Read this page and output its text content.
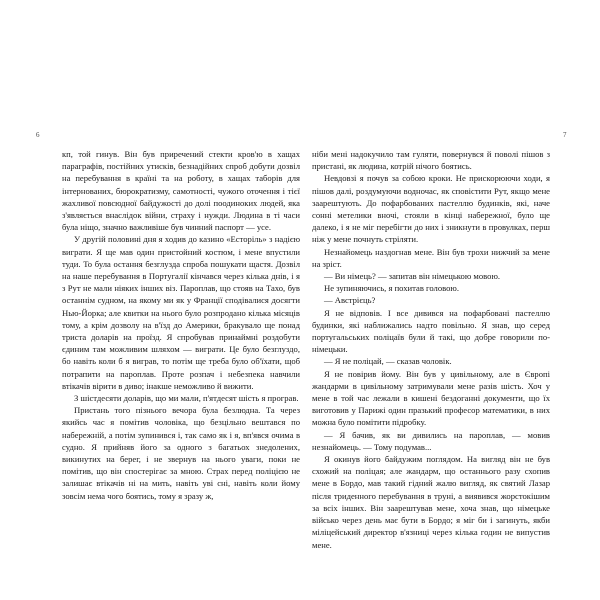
6	7

кп, той гинув. Він був приречений стекти кров'ю в хащах параграфів, постійних утисків, безнадійних спроб добути дозвіл на перебування в країні та на роботу, в хащах таборів для інтернованих, бюрократизму, самотності, чужого оточення і тієї жахливої повсюдної байдужості до долі поодиноких людей, яка з'являється внаслідок війни, страху і нужди. Людина в ті часи була ніщо, значно важливіше був чинний паспорт — усе.

У другій половині дня я ходив до казино «Есторіль» з надією виграти. Я ще мав один пристойний костюм, і мене впустили туди. То була остання безглузда спроба пошукати щастя. Дозвіл на наше перебування в Португалії кінчався через кілька днів, і я з Рут не мали ніяких інших віз. Пароплав, що стояв на Тахо, був останнім судном, на якому ми як у Франції сподівалися досягти Нью-Йорка; але квитки на нього було розпродано кілька місяців тому, а крім дозволу на в'їзд до Америки, бракувало ще понад триста доларів на проїзд. Я спробував принаймні роздобути єдиним там можливим шляхом — виграти. Це було безглуздо, бо навіть коли б я виграв, то потім ще треба було об'їхати, щоб потрапити на пароплав. Проте розпач і небезпека навчили втікачів вірити в диво; інакше неможливо й вижити.

З шістдесяти доларів, що ми мали, п'ятдесят шість я програв.

Пристань того пізнього вечора була безлюдна. Та через якийсь час я помітив чоловіка, що безцільно вештався по набережній, а потім зупинився і, так само як і я, вп'явся очима в судно. Я прийняв його за одного з багатьох знедолених, викинутих на берег, і не звернув на нього уваги, поки не помітив, що він спостерігає за мною. Страх перед поліцією не залишає втікачів ні на мить, навіть уві сні, навіть коли йому зовсім нема чого боятись, тому я зразу ж,

ніби мені надокучило там гуляти, повернувся й поволі пішов з пристані, як людина, котрій нічого боятись.

Невдовзі я почув за собою кроки. Не прискорюючи ходи, я пішов далі, роздумуючи водночас, як сповістити Рут, якщо мене заарештують. До пофарбованих пастеллю будинків, які, наче сонні метелики вночі, стояли в кінці набережної, було ще далеко, і я не міг перебігти до них і зникнути в провулках, перш ніж у мене почнуть стріляти.

Незнайомець наздогнав мене. Він був трохи нижчий за мене на зріст.

— Ви німець? — запитав він німецькою мовою.

Не зупиняючись, я похитав головою.

— Австрієць?

Я не відповів. І все дивився на пофарбовані пастеллю будинки, які наближались надто повільно. Я знав, що серед португальських поліцаїв були й такі, що добре говорили по-німецьки.

— Я не поліцай, — сказав чоловік.

Я не повірив йому. Він був у цивільному, але в Європі жандарми в цивільному затримували мене разів шість. Хоч у мене в той час лежали в кишені бездоганні документи, що їх виготовив у Парижі один празький професор математики, в них можна було помітити підробку.

— Я бачив, як ви дивились на пароплав, — мовив незнайомець. — Тому подумав...

Я окинув його байдужим поглядом. На вигляд він не був схожий на поліцая; але жандарм, що останнього разу схопив мене в Бордо, мав такий гідний жалю вигляд, як святий Лазар після триденного перебування в труні, а виявився жорстокішим за всіх інших. Він заарештував мене, хоча знав, що німецьке військо через день має бути в Бордо; я міг би і загинуть, якби міліцейський директор в'язниці через кілька годин не випустив мене.
